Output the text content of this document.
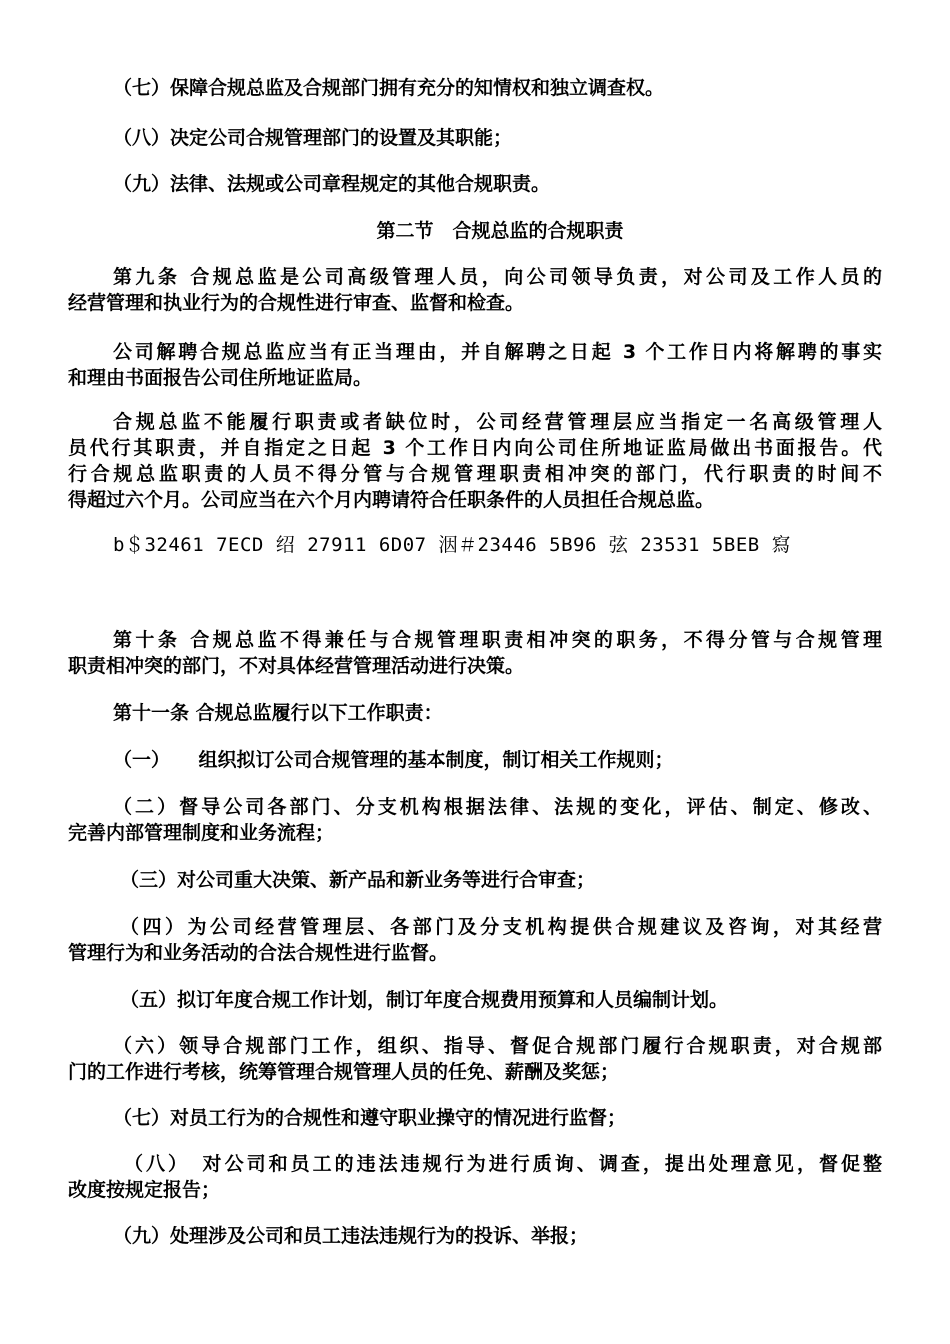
（七）保障合规总监及合规部门拥有充分的知情权和独立调查权。
（八）决定公司合规管理部门的设置及其职能；
（九）法律、法规或公司章程规定的其他合规职责。
第二节　合规总监的合规职责
第九条 合规总监是公司高级管理人员，向公司领导负责，对公司及工作人员的
经营管理和执业行为的合规性进行审查、监督和检查。
公司解聘合规总监应当有正当理由，并自解聘之日起 3 个工作日内将解聘的事实
和理由书面报告公司住所地证监局。
合规总监不能履行职责或者缺位时，公司经营管理层应当指定一名高级管理人
员代行其职责，并自指定之日起 3 个工作日内向公司住所地证监局做出书面报告。代
行合规总监职责的人员不得分管与合规管理职责相冲突的部门，代行职责的时间不
得超过六个月。公司应当在六个月内聘请符合任职条件的人员担任合规总监。
b＄32461 7ECD 绍 27911 6D07 洇＃23446 5B96 弦 23531 5BEB 寫
第十条 合规总监不得兼任与合规管理职责相冲突的职务，不得分管与合规管理
职责相冲突的部门，不对具体经营管理活动进行决策。
第十一条 合规总监履行以下工作职责：
（一）　　组织拟订公司合规管理的基本制度，制订相关工作规则；
（二）督导公司各部门、分支机构根据法律、法规的变化，评估、制定、修改、
完善内部管理制度和业务流程；
（三）对公司重大决策、新产品和新业务等进行合审查；
（四）为公司经营管理层、各部门及分支机构提供合规建议及咨询，对其经营
管理行为和业务活动的合法合规性进行监督。
（五）拟订年度合规工作计划，制订年度合规费用预算和人员编制计划。
（六）领导合规部门工作，组织、指导、督促合规部门履行合规职责，对合规部
门的工作进行考核，统筹管理合规管理人员的任免、薪酬及奖惩；
（七）对员工行为的合规性和遵守职业操守的情况进行监督；
（八）　对公司和员工的违法违规行为进行质询、调查，提出处理意见，督促整
改度按规定报告；
（九）处理涉及公司和员工违法违规行为的投诉、举报；
